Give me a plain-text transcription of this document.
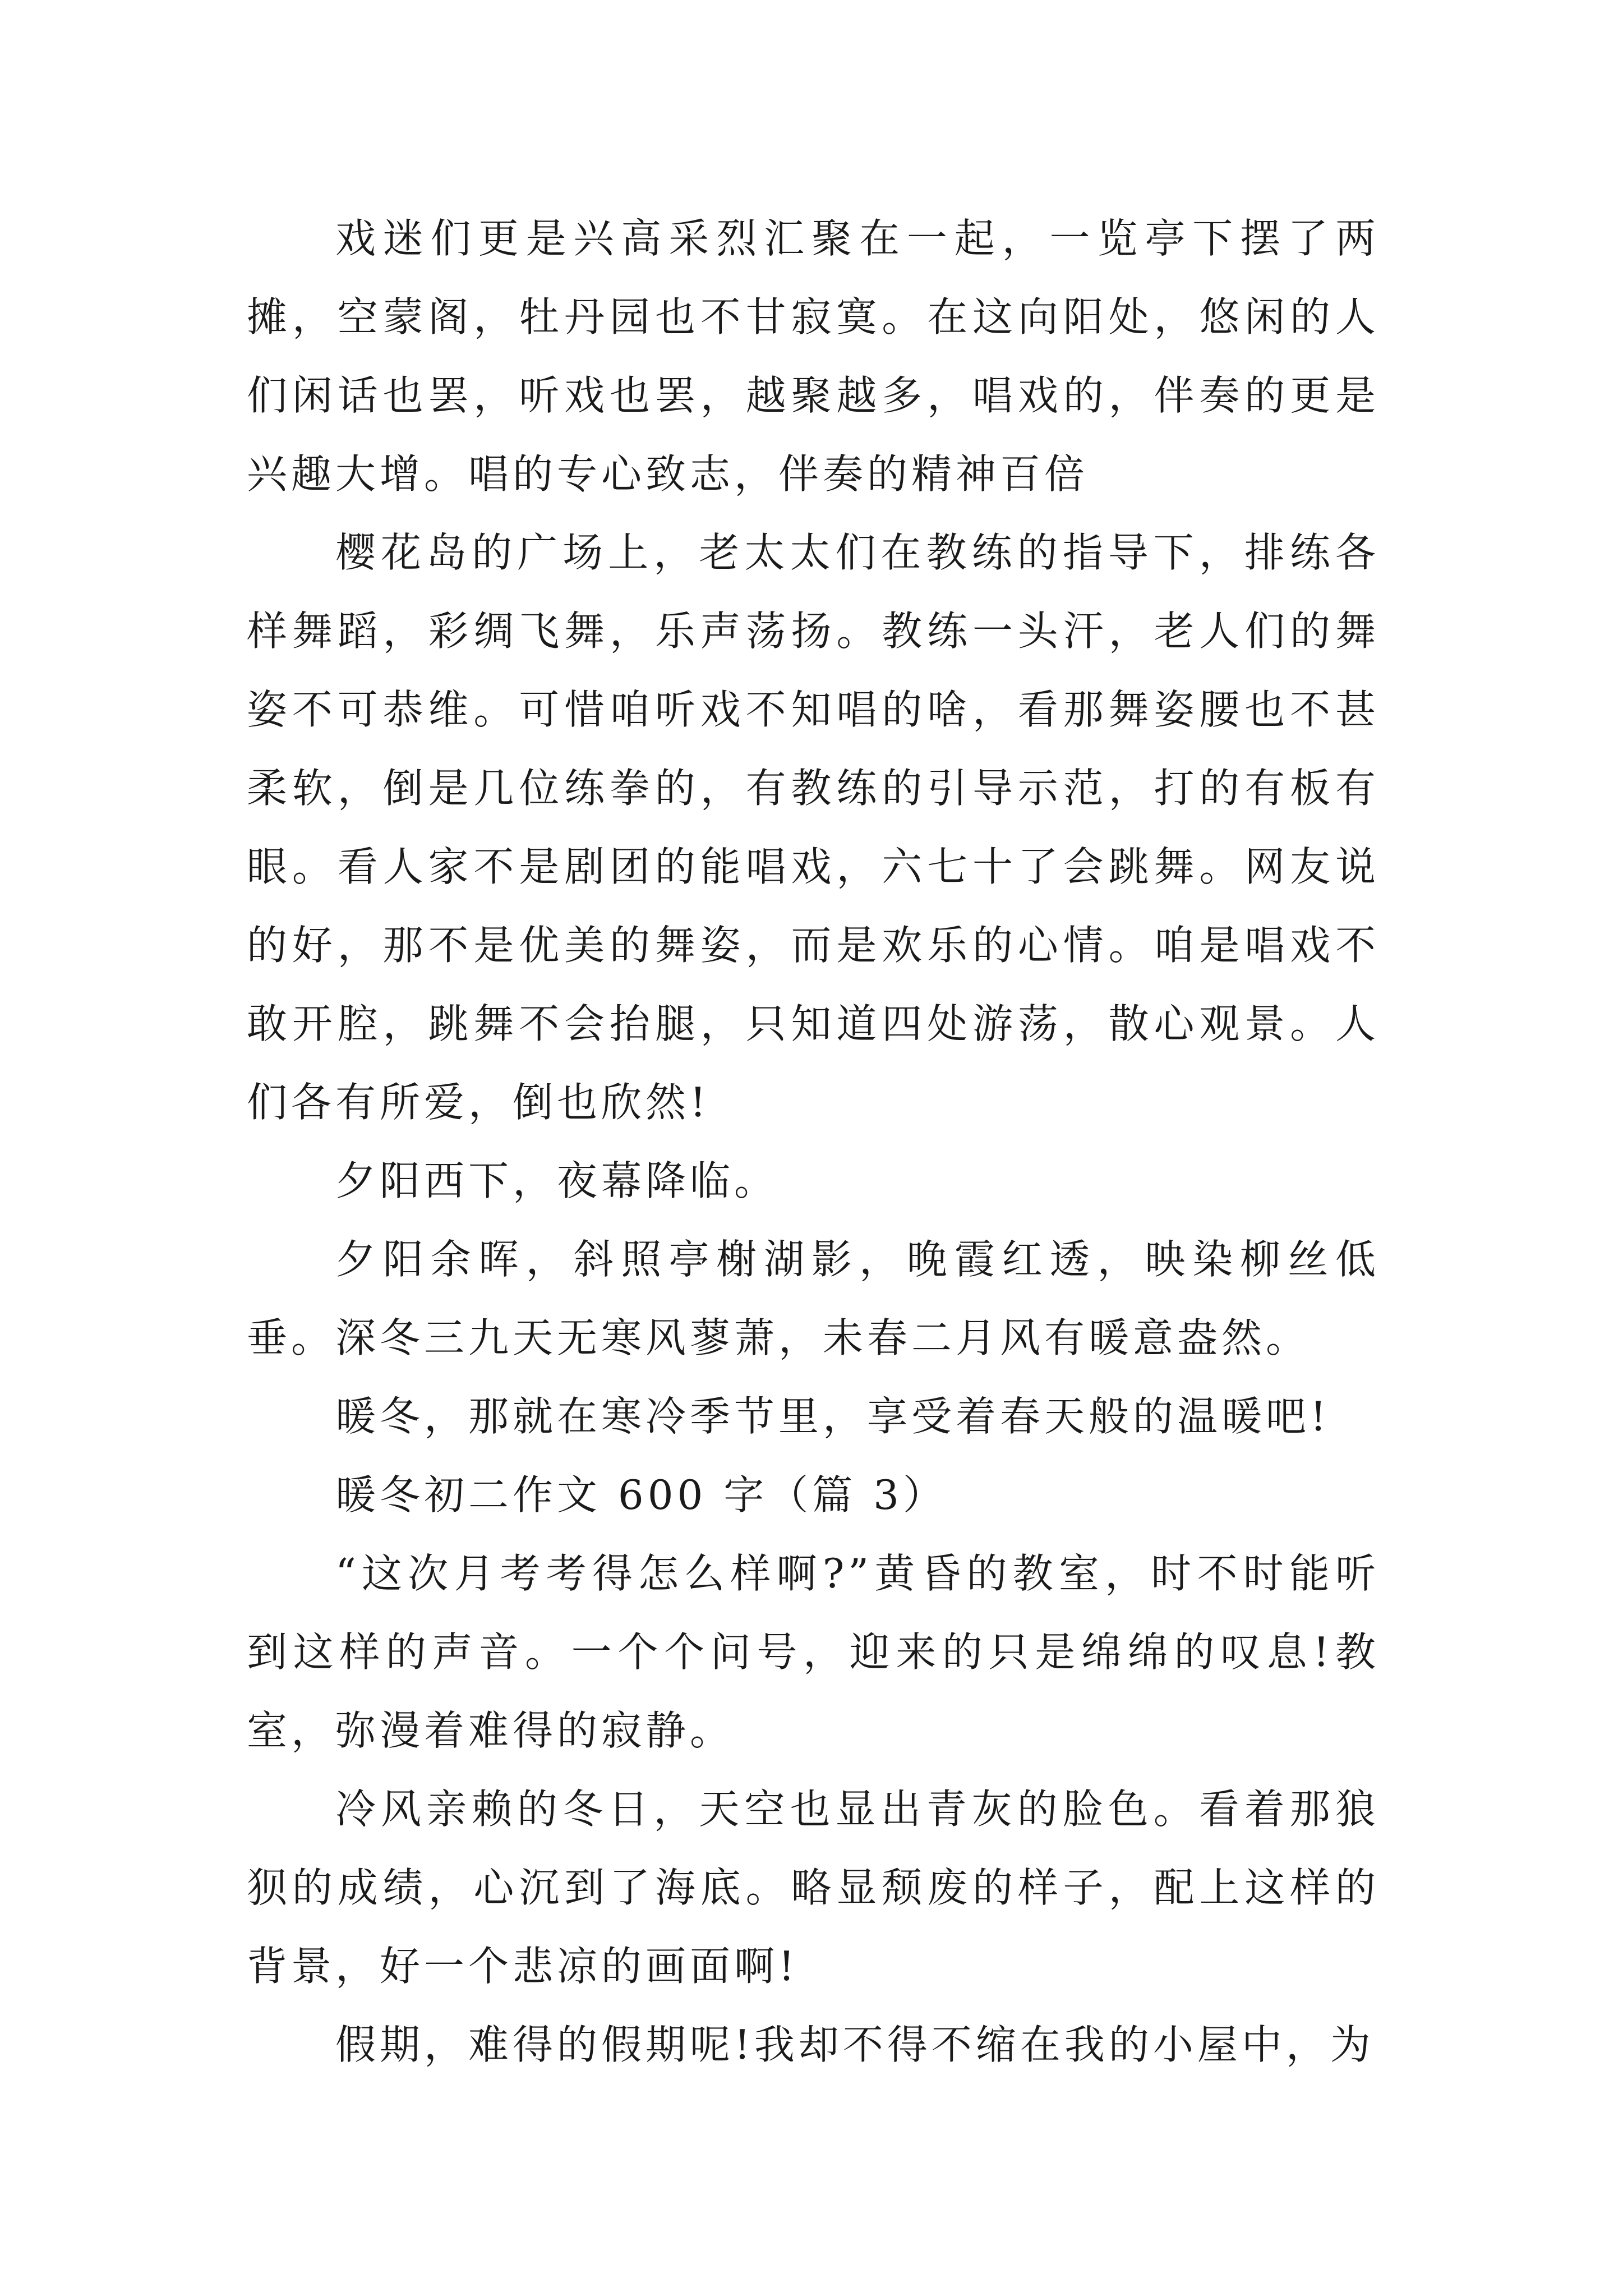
戏迷们更是兴高采烈汇聚在一起，一览亭下摆了两摊，空蒙阁，牡丹园也不甘寂寞。在这向阳处，悠闲的人们闲话也罢，听戏也罢，越聚越多，唱戏的，伴奏的更是兴趣大增。唱的专心致志，伴奏的精神百倍

樱花岛的广场上，老太太们在教练的指导下，排练各样舞蹈，彩绸飞舞，乐声荡扬。教练一头汗，老人们的舞姿不可恭维。可惜咱听戏不知唱的啥，看那舞姿腰也不甚柔软，倒是几位练拳的，有教练的引导示范，打的有板有眼。看人家不是剧团的能唱戏，六七十了会跳舞。网友说的好，那不是优美的舞姿，而是欢乐的心情。咱是唱戏不敢开腔，跳舞不会抬腿，只知道四处游荡，散心观景。人们各有所爱，倒也欣然!

夕阳西下，夜幕降临。

夕阳余晖，斜照亭榭湖影，晚霞红透，映染柳丝低垂。深冬三九天无寒风蓼萧，未春二月风有暖意盎然。

暖冬，那就在寒冷季节里，享受着春天般的温暖吧!

暖冬初二作文 600 字（篇 3）

“这次月考考得怎么样啊?”黄昏的教室，时不时能听到这样的声音。一个个问号，迎来的只是绵绵的叹息!教室，弥漫着难得的寂静。

冷风亲赖的冬日，天空也显出青灰的脸色。看着那狼狈的成绩，心沉到了海底。略显颓废的样子，配上这样的背景，好一个悲凉的画面啊!

假期，难得的假期呢!我却不得不缩在我的小屋中，为
